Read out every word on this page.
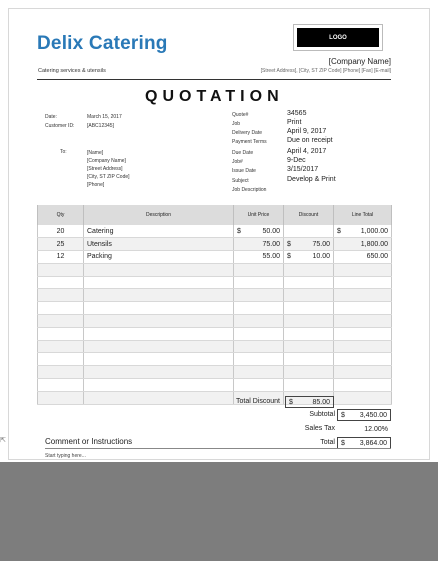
Delix Catering
Catering services & utensils
LOGO
[Company Name]
[Street Address], [City, ST ZIP Code] [Phone] [Fax] [E-mail]
QUOTATION
Date:	March 15, 2017
Customer ID:	[ABC12345]
To:	[Name]
[Company Name]
[Street Address]
[City, ST ZIP Code]
[Phone]
Quote#	34565
Job	Print
Delivery Date	April 9, 2017
Payment Terms	Due on receipt
Due Date	April 4, 2017
Job#	9-Dec
Issue Date	3/15/2017
Subject	Develop & Print
Job Description
Qty	Description	Unit Price	Discount	Line Total
20	Catering	$ 50.00		$ 1,000.00

25	Utensils	75.00	$ 75.00	1,800.00

12	Packing	55.00	$ 10.00	650.00

Total Discount $	85.00
Subtotal $ 3,450.00
Sales Tax	12.00%
Total $ 3,864.00
Comment or Instructions
Start typing here...
⇱
